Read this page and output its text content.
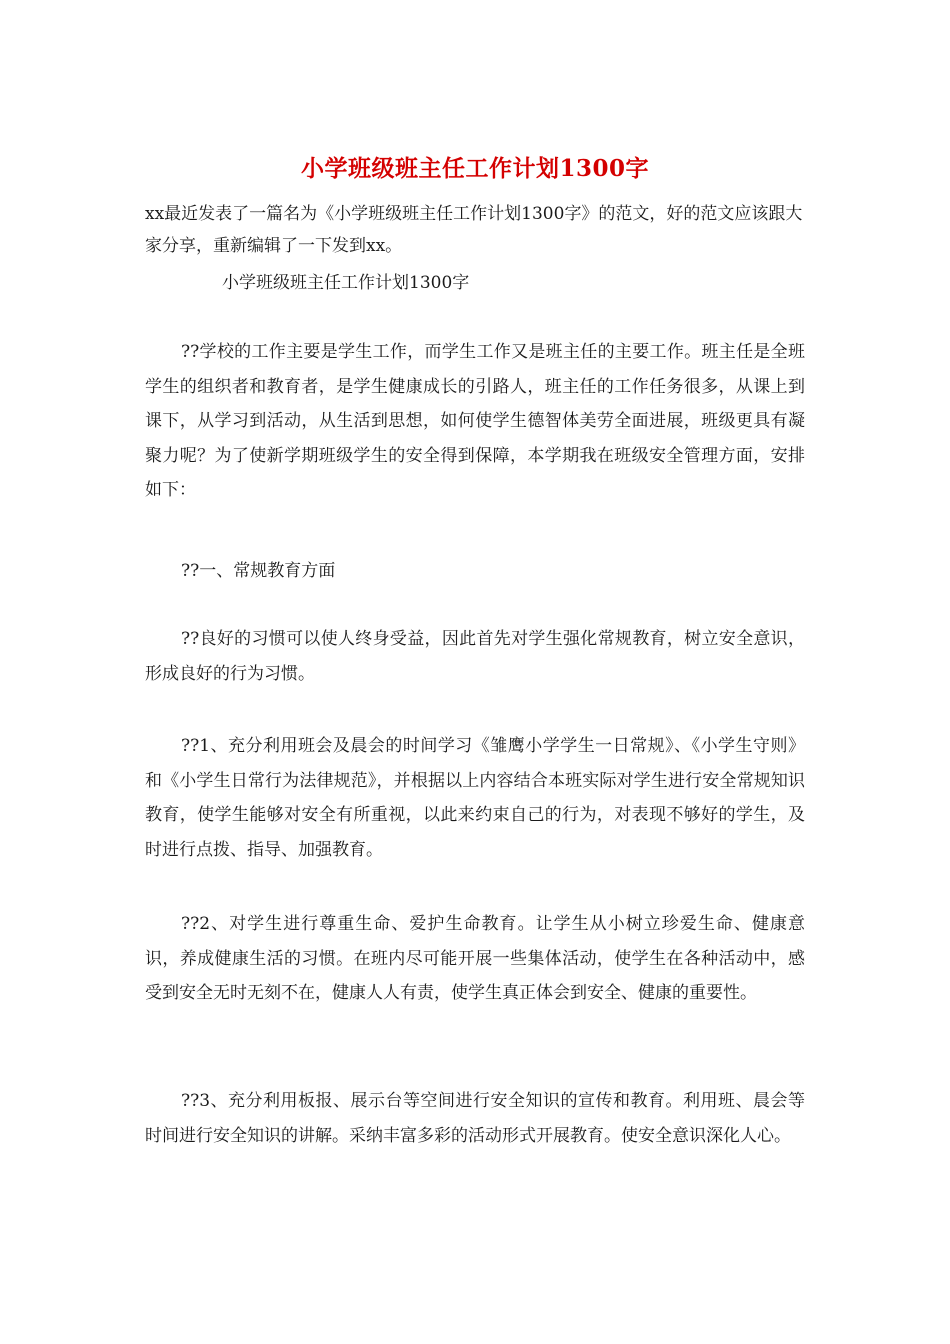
小学班级班主任工作计划1300字
xx最近发表了一篇名为《小学班级班主任工作计划1300字》的范文，好的范文应该跟大家分享，重新编辑了一下发到xx。
小学班级班主任工作计划1300字
??学校的工作主要是学生工作，而学生工作又是班主任的主要工作。班主任是全班学生的组织者和教育者，是学生健康成长的引路人，班主任的工作任务很多，从课上到课下，从学习到活动，从生活到思想，如何使学生德智体美劳全面进展，班级更具有凝聚力呢？为了使新学期班级学生的安全得到保障，本学期我在班级安全管理方面，安排如下：
??一、常规教育方面
??良好的习惯可以使人终身受益，因此首先对学生强化常规教育，树立安全意识，形成良好的行为习惯。
??1、充分利用班会及晨会的时间学习《雏鹰小学学生一日常规》、《小学生守则》和《小学生日常行为法律规范》，并根据以上内容结合本班实际对学生进行安全常规知识教育，使学生能够对安全有所重视，以此来约束自己的行为，对表现不够好的学生，及时进行点拨、指导、加强教育。
??2、对学生进行尊重生命、爱护生命教育。让学生从小树立珍爱生命、健康意识，养成健康生活的习惯。在班内尽可能开展一些集体活动，使学生在各种活动中，感受到安全无时无刻不在，健康人人有责，使学生真正体会到安全、健康的重要性。
??3、充分利用板报、展示台等空间进行安全知识的宣传和教育。利用班、晨会等时间进行安全知识的讲解。采纳丰富多彩的活动形式开展教育。使安全意识深化人心。
